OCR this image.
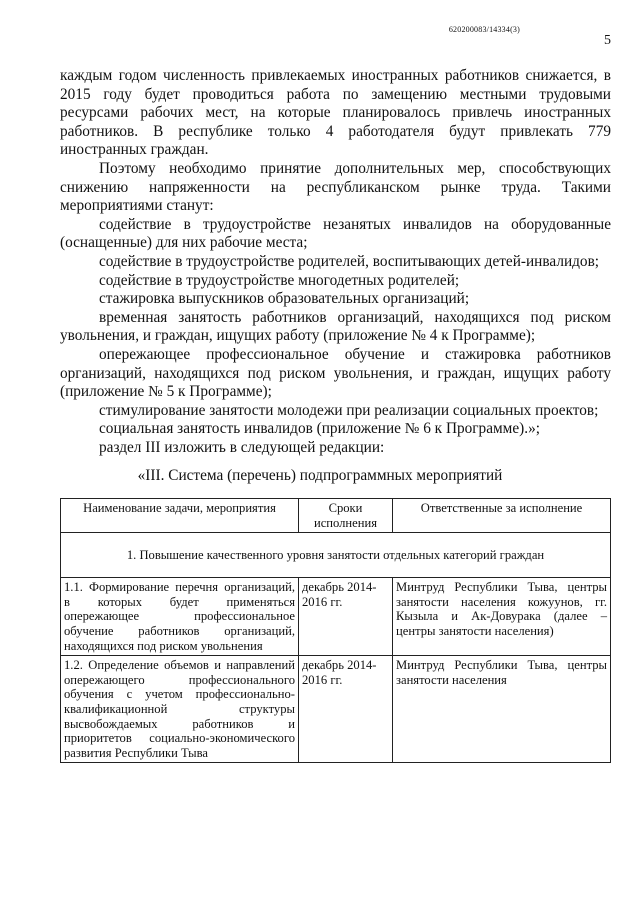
620200083/14334(3)
5

каждым годом численность привлекаемых иностранных работников снижается, в 2015 году будет проводиться работа по замещению местными трудовыми ресурсами рабочих мест, на которые планировалось привлечь иностранных работников. В республике только 4 работодателя будут привлекать 779 иностранных граждан.

Поэтому необходимо принятие дополнительных мер, способствующих снижению напряженности на республиканском рынке труда. Такими мероприятиями станут:

содействие в трудоустройстве незанятых инвалидов на оборудованные (оснащенные) для них рабочие места;

содействие в трудоустройстве родителей, воспитывающих детей-инвалидов;

содействие в трудоустройстве многодетных родителей;

стажировка выпускников образовательных организаций;

временная занятость работников организаций, находящихся под риском увольнения, и граждан, ищущих работу (приложение № 4 к Программе);

опережающее профессиональное обучение и стажировка работников организаций, находящихся под риском увольнения, и граждан, ищущих работу (приложение № 5 к Программе);

стимулирование занятости молодежи при реализации социальных проектов;

социальная занятость инвалидов (приложение № 6 к Программе).»;

раздел III изложить в следующей редакции:

«III. Система (перечень) подпрограммных мероприятий
Наименование задачи, мероприятия	Сроки исполнения	Ответственные за исполнение
1. Повышение качественного уровня занятости отдельных категорий граждан		
1.1. Формирование перечня организаций, в которых будет применяться опережающее профессиональное обучение работников организаций, находящихся под риском увольнения	декабрь 2014-2016 гг.	Минтруд Республики Тыва, центры занятости населения кожуунов, гг. Кызыла и Ак-Довурака (далее – центры занятости населения)
1.2. Определение объемов и направлений опережающего профессионального обучения с учетом профессионально-квалификационной структуры высвобождаемых работников и приоритетов социально-экономического развития Республики Тыва	декабрь 2014-2016 гг.	Минтруд Республики Тыва, центры занятости населения
